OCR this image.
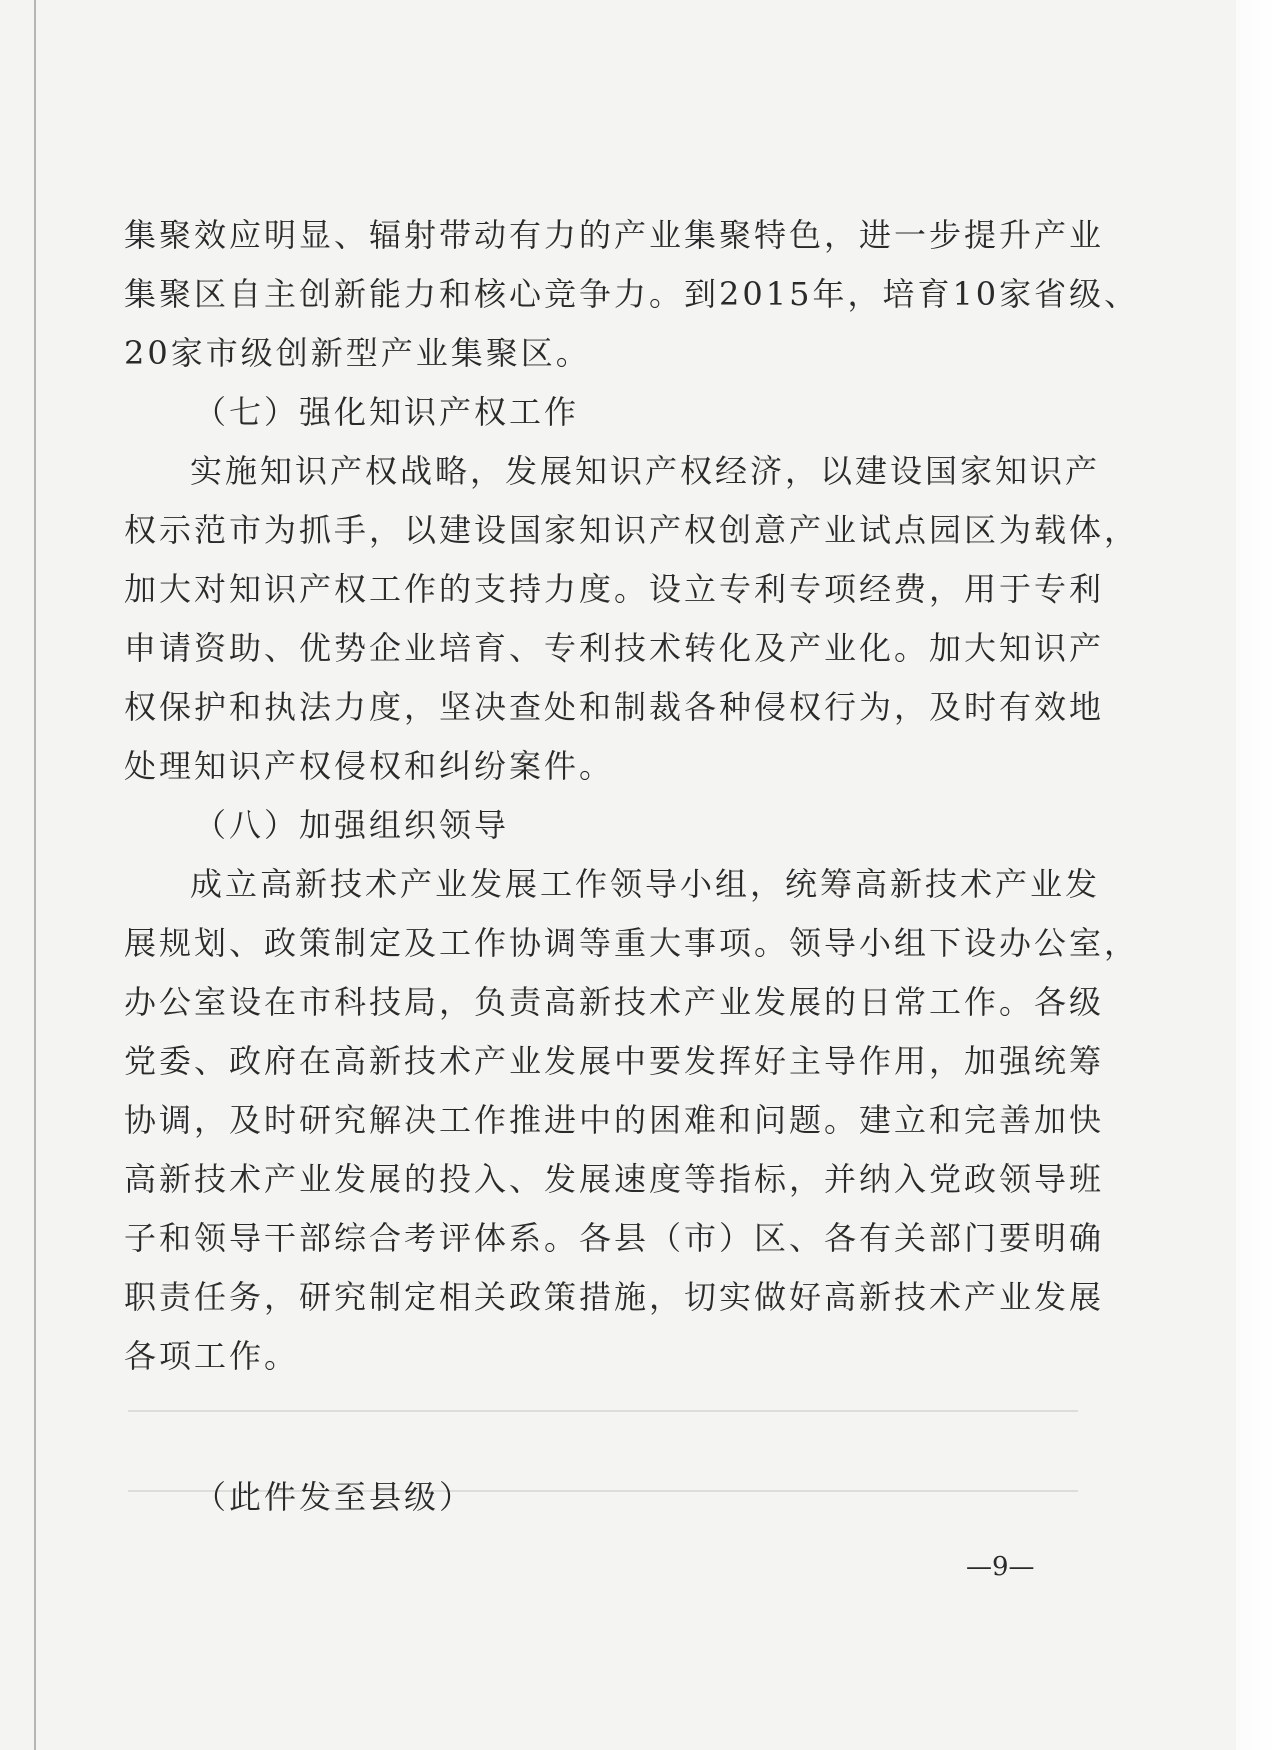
集聚效应明显、辐射带动有力的产业集聚特色，进一步提升产业
集聚区自主创新能力和核心竞争力。到2015年，培育10家省级、
20家市级创新型产业集聚区。
（七）强化知识产权工作
实施知识产权战略，发展知识产权经济，以建设国家知识产
权示范市为抓手，以建设国家知识产权创意产业试点园区为载体，
加大对知识产权工作的支持力度。设立专利专项经费，用于专利
申请资助、优势企业培育、专利技术转化及产业化。加大知识产
权保护和执法力度，坚决查处和制裁各种侵权行为，及时有效地
处理知识产权侵权和纠纷案件。
（八）加强组织领导
成立高新技术产业发展工作领导小组，统筹高新技术产业发
展规划、政策制定及工作协调等重大事项。领导小组下设办公室，
办公室设在市科技局，负责高新技术产业发展的日常工作。各级
党委、政府在高新技术产业发展中要发挥好主导作用，加强统筹
协调，及时研究解决工作推进中的困难和问题。建立和完善加快
高新技术产业发展的投入、发展速度等指标，并纳入党政领导班
子和领导干部综合考评体系。各县（市）区、各有关部门要明确
职责任务，研究制定相关政策措施，切实做好高新技术产业发展
各项工作。
（此件发至县级）
—9—
